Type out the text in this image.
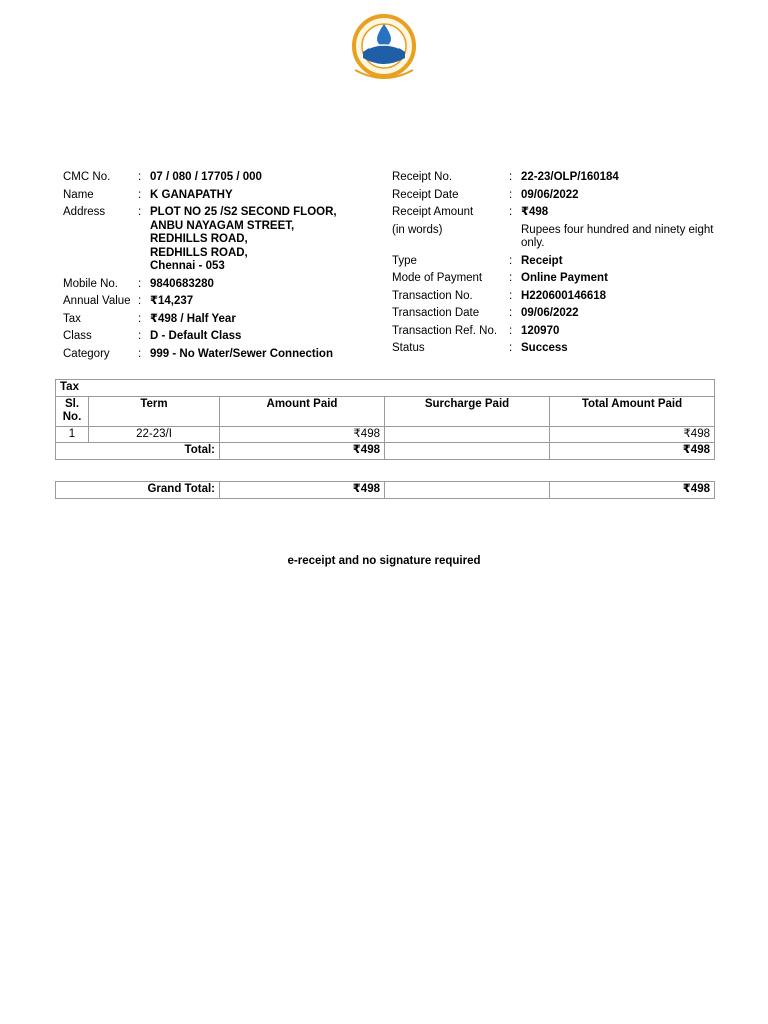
CMC No.	: 07 / 080 / 17705 / 000
Name	: K GANAPATHY
Address	: PLOT NO 25 /S2 SECOND FLOOR,
ANBU NAYAGAM STREET,
REDHILLS ROAD,
REDHILLS ROAD,
Chennai - 053
Mobile No.	: 9840683280
Annual Value : ₹14,237
Tax	: ₹498 / Half Year
Class	: D - Default Class
Category	: 999 - No Water/Sewer Connection
Receipt No.	: 22-23/OLP/160184
Receipt Date	: 09/06/2022
Receipt Amount	: ₹498
(in words)	Rupees four hundred and ninety eight only.
Type	: Receipt
Mode of Payment	: Online Payment
Transaction No.	: H220600146618
Transaction Date	: 09/06/2022
Transaction Ref. No.	: 120970
Status	: Success
Tax				
Sl. No.	Term	Amount Paid	Surcharge Paid	Total Amount Paid
1	22-23/I	₹498		₹498
Total:		₹498		₹498
Grand Total:	₹498		₹498
e-receipt and no signature required
